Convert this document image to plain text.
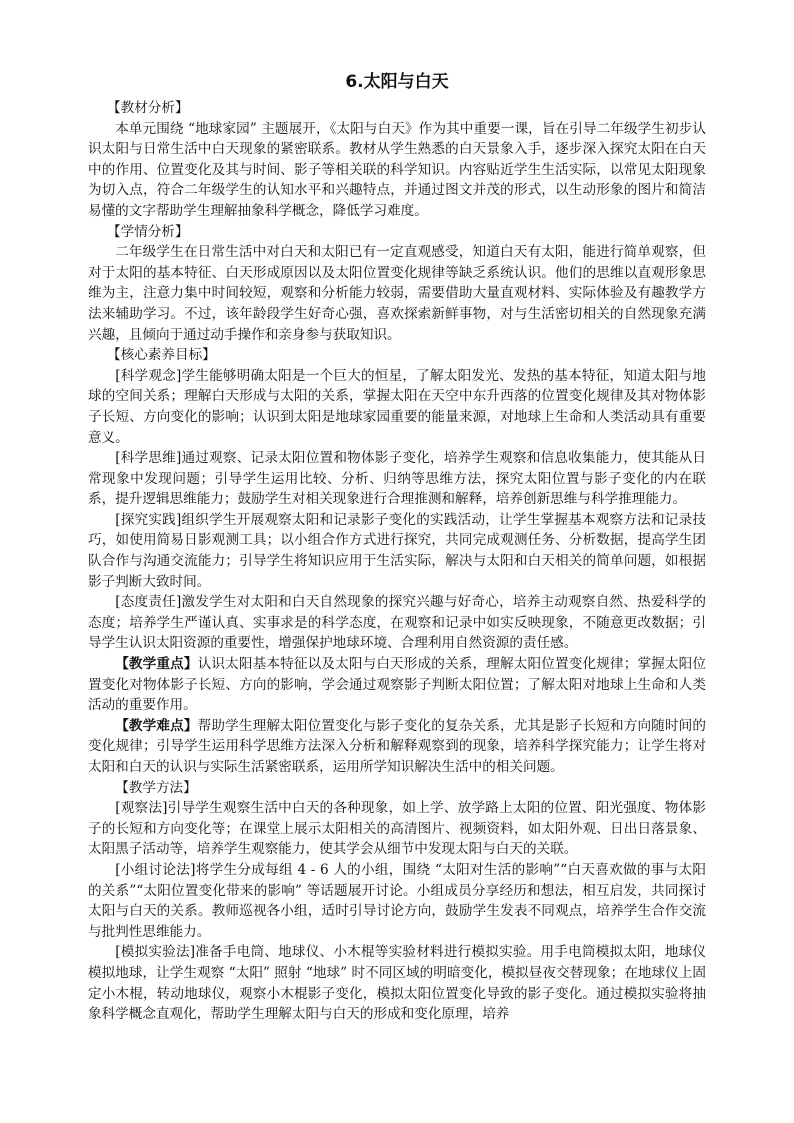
6.太阳与白天

【教材分析】

本单元围绕 “地球家园” 主题展开，《太阳与白天》作为其中重要一课，旨在引导二年级学生初步认识太阳与日常生活中白天现象的紧密联系。教材从学生熟悉的白天景象入手，逐步深入探究太阳在白天中的作用、位置变化及其与时间、影子等相关联的科学知识。内容贴近学生生活实际，以常见太阳现象为切入点，符合二年级学生的认知水平和兴趣特点，并通过图文并茂的形式，以生动形象的图片和简洁易懂的文字帮助学生理解抽象科学概念，降低学习难度。

【学情分析】

二年级学生在日常生活中对白天和太阳已有一定直观感受，知道白天有太阳，能进行简单观察，但对于太阳的基本特征、白天形成原因以及太阳位置变化规律等缺乏系统认识。他们的思维以直观形象思维为主，注意力集中时间较短，观察和分析能力较弱，需要借助大量直观材料、实际体验及有趣教学方法来辅助学习。不过，该年龄段学生好奇心强，喜欢探索新鲜事物，对与生活密切相关的自然现象充满兴趣，且倾向于通过动手操作和亲身参与获取知识。

【核心素养目标】

[科学观念]学生能够明确太阳是一个巨大的恒星，了解太阳发光、发热的基本特征，知道太阳与地球的空间关系；理解白天形成与太阳的关系，掌握太阳在天空中东升西落的位置变化规律及其对物体影子长短、方向变化的影响；认识到太阳是地球家园重要的能量来源，对地球上生命和人类活动具有重要意义。

[科学思维]通过观察、记录太阳位置和物体影子变化，培养学生观察和信息收集能力，使其能从日常现象中发现问题；引导学生运用比较、分析、归纳等思维方法，探究太阳位置与影子变化的内在联系，提升逻辑思维能力；鼓励学生对相关现象进行合理推测和解释，培养创新思维与科学推理能力。

[探究实践]组织学生开展观察太阳和记录影子变化的实践活动，让学生掌握基本观察方法和记录技巧，如使用简易日影观测工具；以小组合作方式进行探究，共同完成观测任务、分析数据，提高学生团队合作与沟通交流能力；引导学生将知识应用于生活实际，解决与太阳和白天相关的简单问题，如根据影子判断大致时间。

[态度责任]激发学生对太阳和白天自然现象的探究兴趣与好奇心，培养主动观察自然、热爱科学的态度；培养学生严谨认真、实事求是的科学态度，在观察和记录中如实反映现象，不随意更改数据；引导学生认识太阳资源的重要性，增强保护地球环境、合理利用自然资源的责任感。

【教学重点】认识太阳基本特征以及太阳与白天形成的关系，理解太阳位置变化规律；掌握太阳位置变化对物体影子长短、方向的影响，学会通过观察影子判断太阳位置；了解太阳对地球上生命和人类活动的重要作用。

【教学难点】帮助学生理解太阳位置变化与影子变化的复杂关系，尤其是影子长短和方向随时间的变化规律；引导学生运用科学思维方法深入分析和解释观察到的现象，培养科学探究能力；让学生将对太阳和白天的认识与实际生活紧密联系，运用所学知识解决生活中的相关问题。

【教学方法】

[观察法]引导学生观察生活中白天的各种现象，如上学、放学路上太阳的位置、阳光强度、物体影子的长短和方向变化等；在课堂上展示太阳相关的高清图片、视频资料，如太阳外观、日出日落景象、太阳黑子活动等，培养学生观察能力，使其学会从细节中发现太阳与白天的关联。

[小组讨论法]将学生分成每组 4 - 6 人的小组，围绕 “太阳对生活的影响”“白天喜欢做的事与太阳的关系”“太阳位置变化带来的影响” 等话题展开讨论。小组成员分享经历和想法，相互启发，共同探讨太阳与白天的关系。教师巡视各小组，适时引导讨论方向，鼓励学生发表不同观点，培养学生合作交流与批判性思维能力。

[模拟实验法]准备手电筒、地球仪、小木棍等实验材料进行模拟实验。用手电筒模拟太阳，地球仪模拟地球，让学生观察 “太阳” 照射 “地球” 时不同区域的明暗变化，模拟昼夜交替现象；在地球仪上固定小木棍，转动地球仪，观察小木棍影子变化，模拟太阳位置变化导致的影子变化。通过模拟实验将抽象科学概念直观化，帮助学生理解太阳与白天的形成和变化原理，培养
